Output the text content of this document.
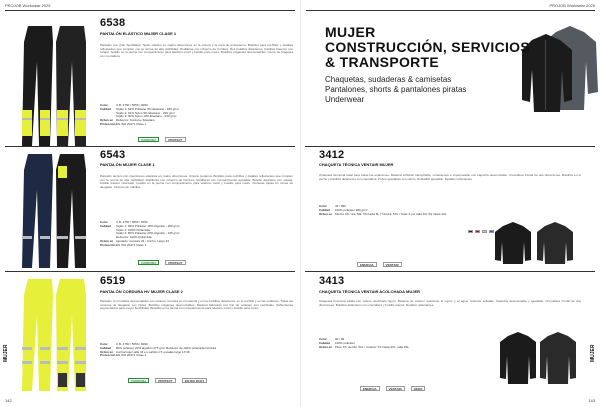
PROJOB Workwear 2025
6538
PANTALÓN ELÁSTICO MUJER CLASE 1
Pantalón con gran flexibilidad. Tejido elástico en cuatro direcciones en la cintura y la zona de entrepierna. Bolsillos para cuchillos y detalles reflectantes que cumplen con la norma de alta visibilidad. Rodilleras con refuerzo de Cordura. Dos bolsillos delanteros, bolsillos traseros con solapa, bolsillo en la pierna con compartimento para teléfono móvil y bolsillo para metro. Bolsillos colgantes desmontables. Cierre de bragueta con cremallera.
Color	C.B. 4750 / 5056 / 9090
Calidad Tejido 1: 92% Poliéster 8% Elastano - 185 g/m²
Tejido 2: 91% Nylon 9% Elastano - 240 g/m²
Tejido 3: 90% Nylon 10% Elastano - 240 g/m²
Orden en Refuerzo: Cordura / Elastano
ProtecciónEN ISO 20471 Clase 1
CORDURA	PROTECT
6543
PANTALÓN MUJER CLASE 1
Pantalón técnico con inserciones elásticas en cuatro direcciones. Cintura moderna. Bolsillos para cuchillos y detalles reflectantes que cumplen con la norma de alta visibilidad. Rodilleras con refuerzo de Cordura. Rodilleras con compartimento ajustable. Bolsillo delantero con solapa, bolsillo trasero reforzado, bolsillo en la pierna con compartimento para teléfono móvil y bolsillo para metro. Costuras triples en zonas de desgaste. Cintura con trabillas.
Color	C.B. 4750 / 5056 / 9090
Calidad Tejido 1: 82% Poliéster 18% Algodón - 260 g/m²
Tejido 2: 100% Poliamida
Tejido 3: 80% Poliéster 20% Algodón - 245 g/m²
Refuerzo: 100% Poliamida
Orden en Ajustado: Cordura 34 - Ancho: Largo 34
ProtecciónEN ISO 20471 Clase 1
CORDURA	PROTECT
6519
PANTALÓN CORDURA HV MUJER CLASE 2
Pantalón con bolsillos desmontables con refuerzo Cordura en el material y en los bolsillos delanteros, en el cuchillo y en las rodilleras. Todas las costuras de desgaste son triples. Bolsillos colgantes desmontables. Material fabricado con hilo de poliéster con certificado. Reflectantes segmentados para mayor flexibilidad. Bolsillos en la pierna con compartimento para teléfono móvil y bolsillo para metro.
Color	C.B. 4750 / 5056 / 9090
Calidad 80% poliéster 20% algodón 275 g/m² Refuerzo de 100% poliamida Cordura
Orden en Ancho/mujer talle 34 en surtido CT: escalas largo 17/18
ProtecciónEN ISO 20471 Clase 2
CORDURA	PROTECT	EN ISO 20471
MUJER
142
PROJOB Workwear 2025
MUJER
CONSTRUCCIÓN, SERVICIOS
& TRANSPORTE
Chaquetas, sudaderas & camisetas
Pantalones, shorts & pantalones piratas
Underwear
3412
CHAQUETA TÉCNICA VENTAIR MUJER
Chaqueta funcional ideal para todas las estaciones. Material softshell transpirable, cortavientos e impermeable con capucha desmontable. Cremallera frontal de dos direcciones. Bolsillos en el pecho y bolsillos delanteros con cremallera. Puños ajustables con velcro. Dobladillo ajustable. Detalles reflectantes.
Color	42 / 090
Calidad 100% poliéster 280 g/m²
Orden en Mucho XS / a/s. Ma: XS hasta 5L / Cintura: 5XL / Total: 6 por talla 32x XS hasta 4XL
ENERGIA	VENTAIR
3413
CHAQUETA TÉCNICA VENTAIR ACOLCHADA MUJER
Chaqueta funcional cálida con relleno acolchado ligero. Material de exterior resistente al viento y al agua, costuras selladas. Capucha desmontable y ajustable. Cremallera frontal de dos direcciones. Bolsillos delanteros con cremallera y bolsillo interior. Detalles reflectantes.
Color	90 / 99
Calidad 100% poliéster
Orden en Ploto XS, de Mu: 5XL / Cintura: XS hasta 4XL, talla 3XL
ENERGIA	VENTAIR	OEKO
MUJER
143
